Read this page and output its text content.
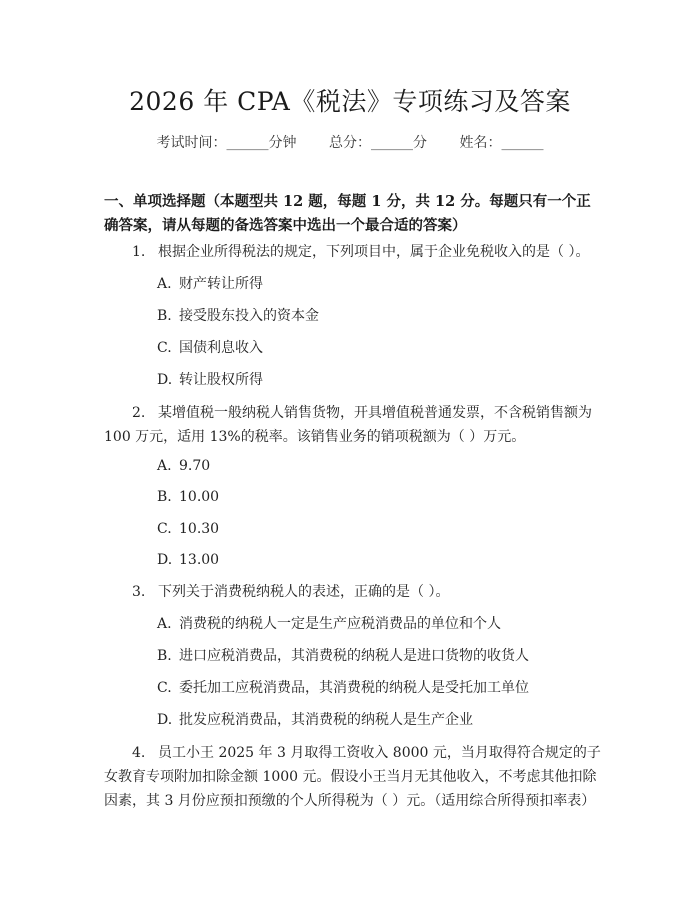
2026 年 CPA《税法》专项练习及答案
考试时间：______分钟 总分：______分 姓名：______
一、单项选择题（本题型共 12 题，每题 1 分，共 12 分。每题只有一个正确答案，请从每题的备选答案中选出一个最合适的答案）
1. 根据企业所得税法的规定，下列项目中，属于企业免税收入的是（ ）。
A. 财产转让所得
B. 接受股东投入的资本金
C. 国债利息收入
D. 转让股权所得
2. 某增值税一般纳税人销售货物，开具增值税普通发票，不含税销售额为 100 万元，适用 13%的税率。该销售业务的销项税额为（ ）万元。
A. 9.70
B. 10.00
C. 10.30
D. 13.00
3. 下列关于消费税纳税人的表述，正确的是（ ）。
A. 消费税的纳税人一定是生产应税消费品的单位和个人
B. 进口应税消费品，其消费税的纳税人是进口货物的收货人
C. 委托加工应税消费品，其消费税的纳税人是受托加工单位
D. 批发应税消费品，其消费税的纳税人是生产企业
4. 员工小王 2025 年 3 月取得工资收入 8000 元，当月取得符合规定的子女教育专项附加扣除金额 1000 元。假设小王当月无其他收入，不考虑其他扣除因素，其 3 月份应预扣预缴的个人所得税为（ ）元。（适用综合所得预扣率表）
